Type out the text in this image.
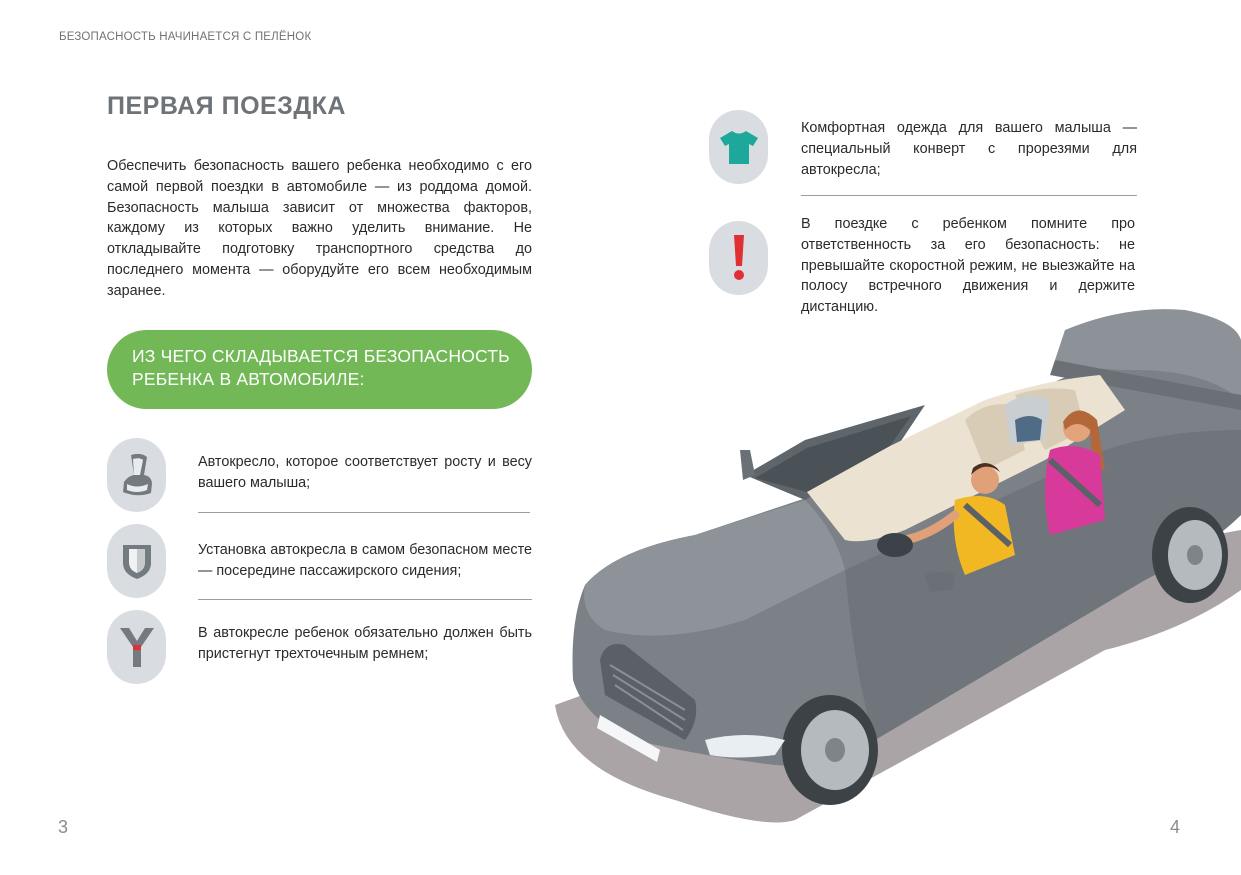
БЕЗОПАСНОСТЬ НАЧИНАЕТСЯ С ПЕЛЁНОК
ПЕРВАЯ ПОЕЗДКА
Обеспечить безопасность вашего ребенка необходимо с его самой первой поездки в автомобиле — из роддома домой. Безопасность малыша зависит от множества факторов, каждому из которых важно уделить внимание. Не откладывайте подготовку транспортного средства до последнего момента — оборудуйте его всем необходимым заранее.
ИЗ ЧЕГО СКЛАДЫВАЕТСЯ БЕЗОПАСНОСТЬ РЕБЕНКА В АВТОМОБИЛЕ:
Автокресло, которое соответствует росту и весу вашего малыша;
Установка автокресла в самом безопасном месте — посередине пассажирского сидения;
В автокресле ребенок обязательно должен быть пристегнут трехточечным ремнем;
Комфортная одежда для вашего малыша — специальный конверт с прорезями для автокресла;
В поездке с ребенком помните про ответственность за его безопасность: не превышайте скоростной режим, не выезжайте на полосу встречного движения и держите дистанцию.
3	4
